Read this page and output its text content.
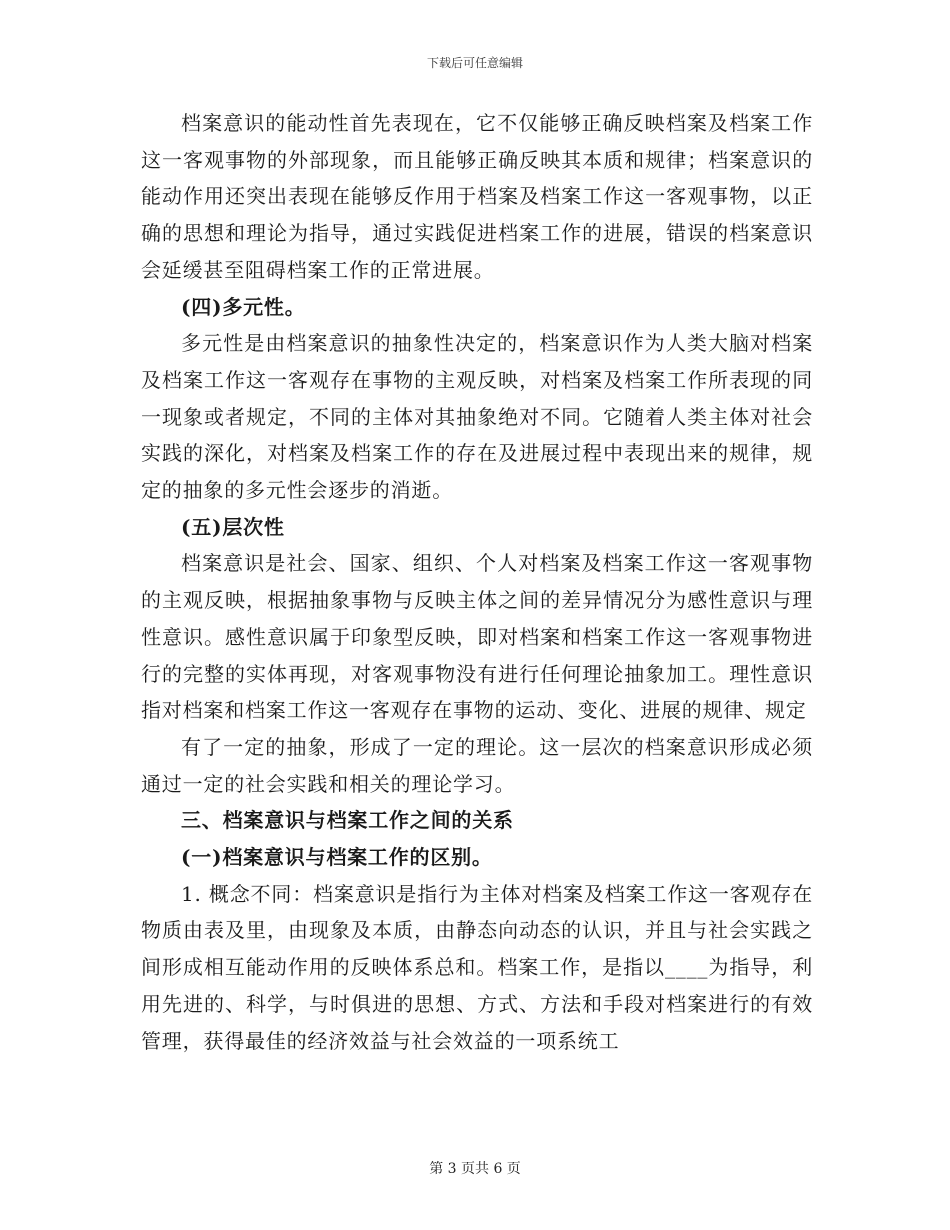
下载后可任意编辑

档案意识的能动性首先表现在，它不仅能够正确反映档案及档案工作这一客观事物的外部现象，而且能够正确反映其本质和规律；档案意识的能动作用还突出表现在能够反作用于档案及档案工作这一客观事物，以正确的思想和理论为指导，通过实践促进档案工作的进展，错误的档案意识会延缓甚至阻碍档案工作的正常进展。

(四)多元性。

多元性是由档案意识的抽象性决定的，档案意识作为人类大脑对档案及档案工作这一客观存在事物的主观反映，对档案及档案工作所表现的同一现象或者规定，不同的主体对其抽象绝对不同。它随着人类主体对社会实践的深化，对档案及档案工作的存在及进展过程中表现出来的规律，规定的抽象的多元性会逐步的消逝。

(五)层次性

档案意识是社会、国家、组织、个人对档案及档案工作这一客观事物的主观反映，根据抽象事物与反映主体之间的差异情况分为感性意识与理性意识。感性意识属于印象型反映，即对档案和档案工作这一客观事物进行的完整的实体再现，对客观事物没有进行任何理论抽象加工。理性意识指对档案和档案工作这一客观存在事物的运动、变化、进展的规律、规定

有了一定的抽象，形成了一定的理论。这一层次的档案意识形成必须通过一定的社会实践和相关的理论学习。

三、档案意识与档案工作之间的关系

(一)档案意识与档案工作的区别。

1. 概念不同：档案意识是指行为主体对档案及档案工作这一客观存在物质由表及里，由现象及本质，由静态向动态的认识，并且与社会实践之间形成相互能动作用的反映体系总和。档案工作，是指以____为指导，利用先进的、科学，与时俱进的思想、方式、方法和手段对档案进行的有效管理，获得最佳的经济效益与社会效益的一项系统工

第 3 页共 6 页
